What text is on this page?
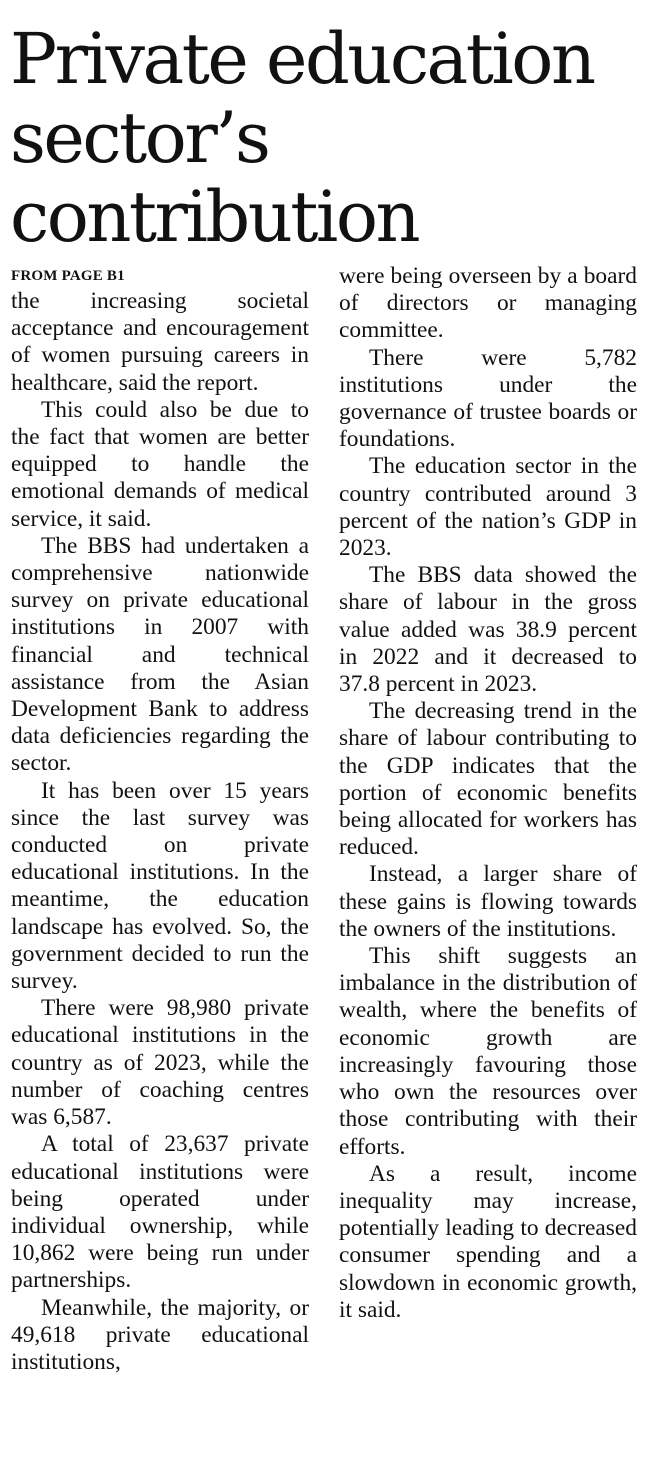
Private education
sector’s
contribution
FROM PAGE B1

the increasing societal acceptance and encouragement of women pursuing careers in healthcare, said the report.

This could also be due to the fact that women are better equipped to handle the emotional demands of medical service, it said.

The BBS had undertaken a comprehensive nationwide survey on private educational institutions in 2007 with financial and technical assistance from the Asian Development Bank to address data deficiencies regarding the sector.

It has been over 15 years since the last survey was conducted on private educational institutions. In the meantime, the education landscape has evolved. So, the government decided to run the survey.

There were 98,980 private educational institutions in the country as of 2023, while the number of coaching centres was 6,587.

A total of 23,637 private educational institutions were being operated under individual ownership, while 10,862 were being run under partnerships.

Meanwhile, the majority, or 49,618 private educational institutions,

were being overseen by a board of directors or managing committee.

There were 5,782 institutions under the governance of trustee boards or foundations.

The education sector in the country contributed around 3 percent of the nation’s GDP in 2023.

The BBS data showed the share of labour in the gross value added was 38.9 percent in 2022 and it decreased to 37.8 percent in 2023.

The decreasing trend in the share of labour contributing to the GDP indicates that the portion of economic benefits being allocated for workers has reduced.

Instead, a larger share of these gains is flowing towards the owners of the institutions.

This shift suggests an imbalance in the distribution of wealth, where the benefits of economic growth are increasingly favouring those who own the resources over those contributing with their efforts.

As a result, income inequality may increase, potentially leading to decreased consumer spending and a slowdown in economic growth, it said.
